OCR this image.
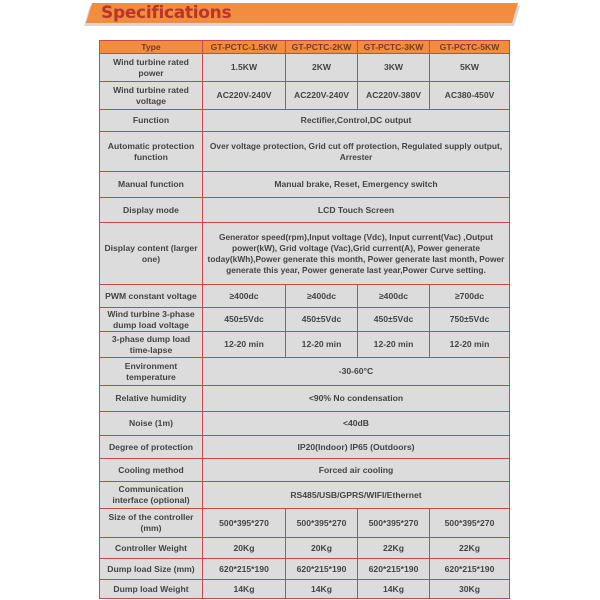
Specifications
Type	GT-PCTC-1.5KW	GT-PCTC-2KW	GT-PCTC-3KW	GT-PCTC-5KW
Wind turbine rated power	1.5KW	2KW	3KW	5KW
Wind turbine rated voltage	AC220V-240V	AC220V-240V	AC220V-380V	AC380-450V
Function	Rectifier,Control,DC output			
Automatic protection function	Over voltage protection, Grid cut off protection, Regulated supply output, Arrester			
Manual function	Manual brake, Reset, Emergency switch			
Display mode	LCD Touch Screen			
Display content (larger one)	Generator speed(rpm),Input voltage (Vdc), Input current(Vac) ,Output power(kW), Grid voltage (Vac),Grid current(A), Power generate today(kWh),Power generate this month, Power generate last month, Power generate this year, Power generate last year,Power Curve setting.			
PWM constant voltage	≥400dc	≥400dc	≥400dc	≥700dc
Wind turbine 3-phase dump load voltage	450±5Vdc	450±5Vdc	450±5Vdc	750±5Vdc
3-phase dump load time-lapse	12-20 min	12-20 min	12-20 min	12-20 min
Environment temperature	-30-60°C			
Relative humidity	<90% No condensation			
Noise (1m)	<40dB			
Degree of protection	IP20(Indoor) IP65 (Outdoors)			
Cooling method	Forced air cooling			
Communication interface (optional)	RS485/USB/GPRS/WIFI/Ethernet			
Size of the controller (mm)	500*395*270	500*395*270	500*395*270	500*395*270
Controller Weight	20Kg	20Kg	22Kg	22Kg
Dump load Size (mm)	620*215*190	620*215*190	620*215*190	620*215*190
Dump load Weight	14Kg	14Kg	14Kg	30Kg
